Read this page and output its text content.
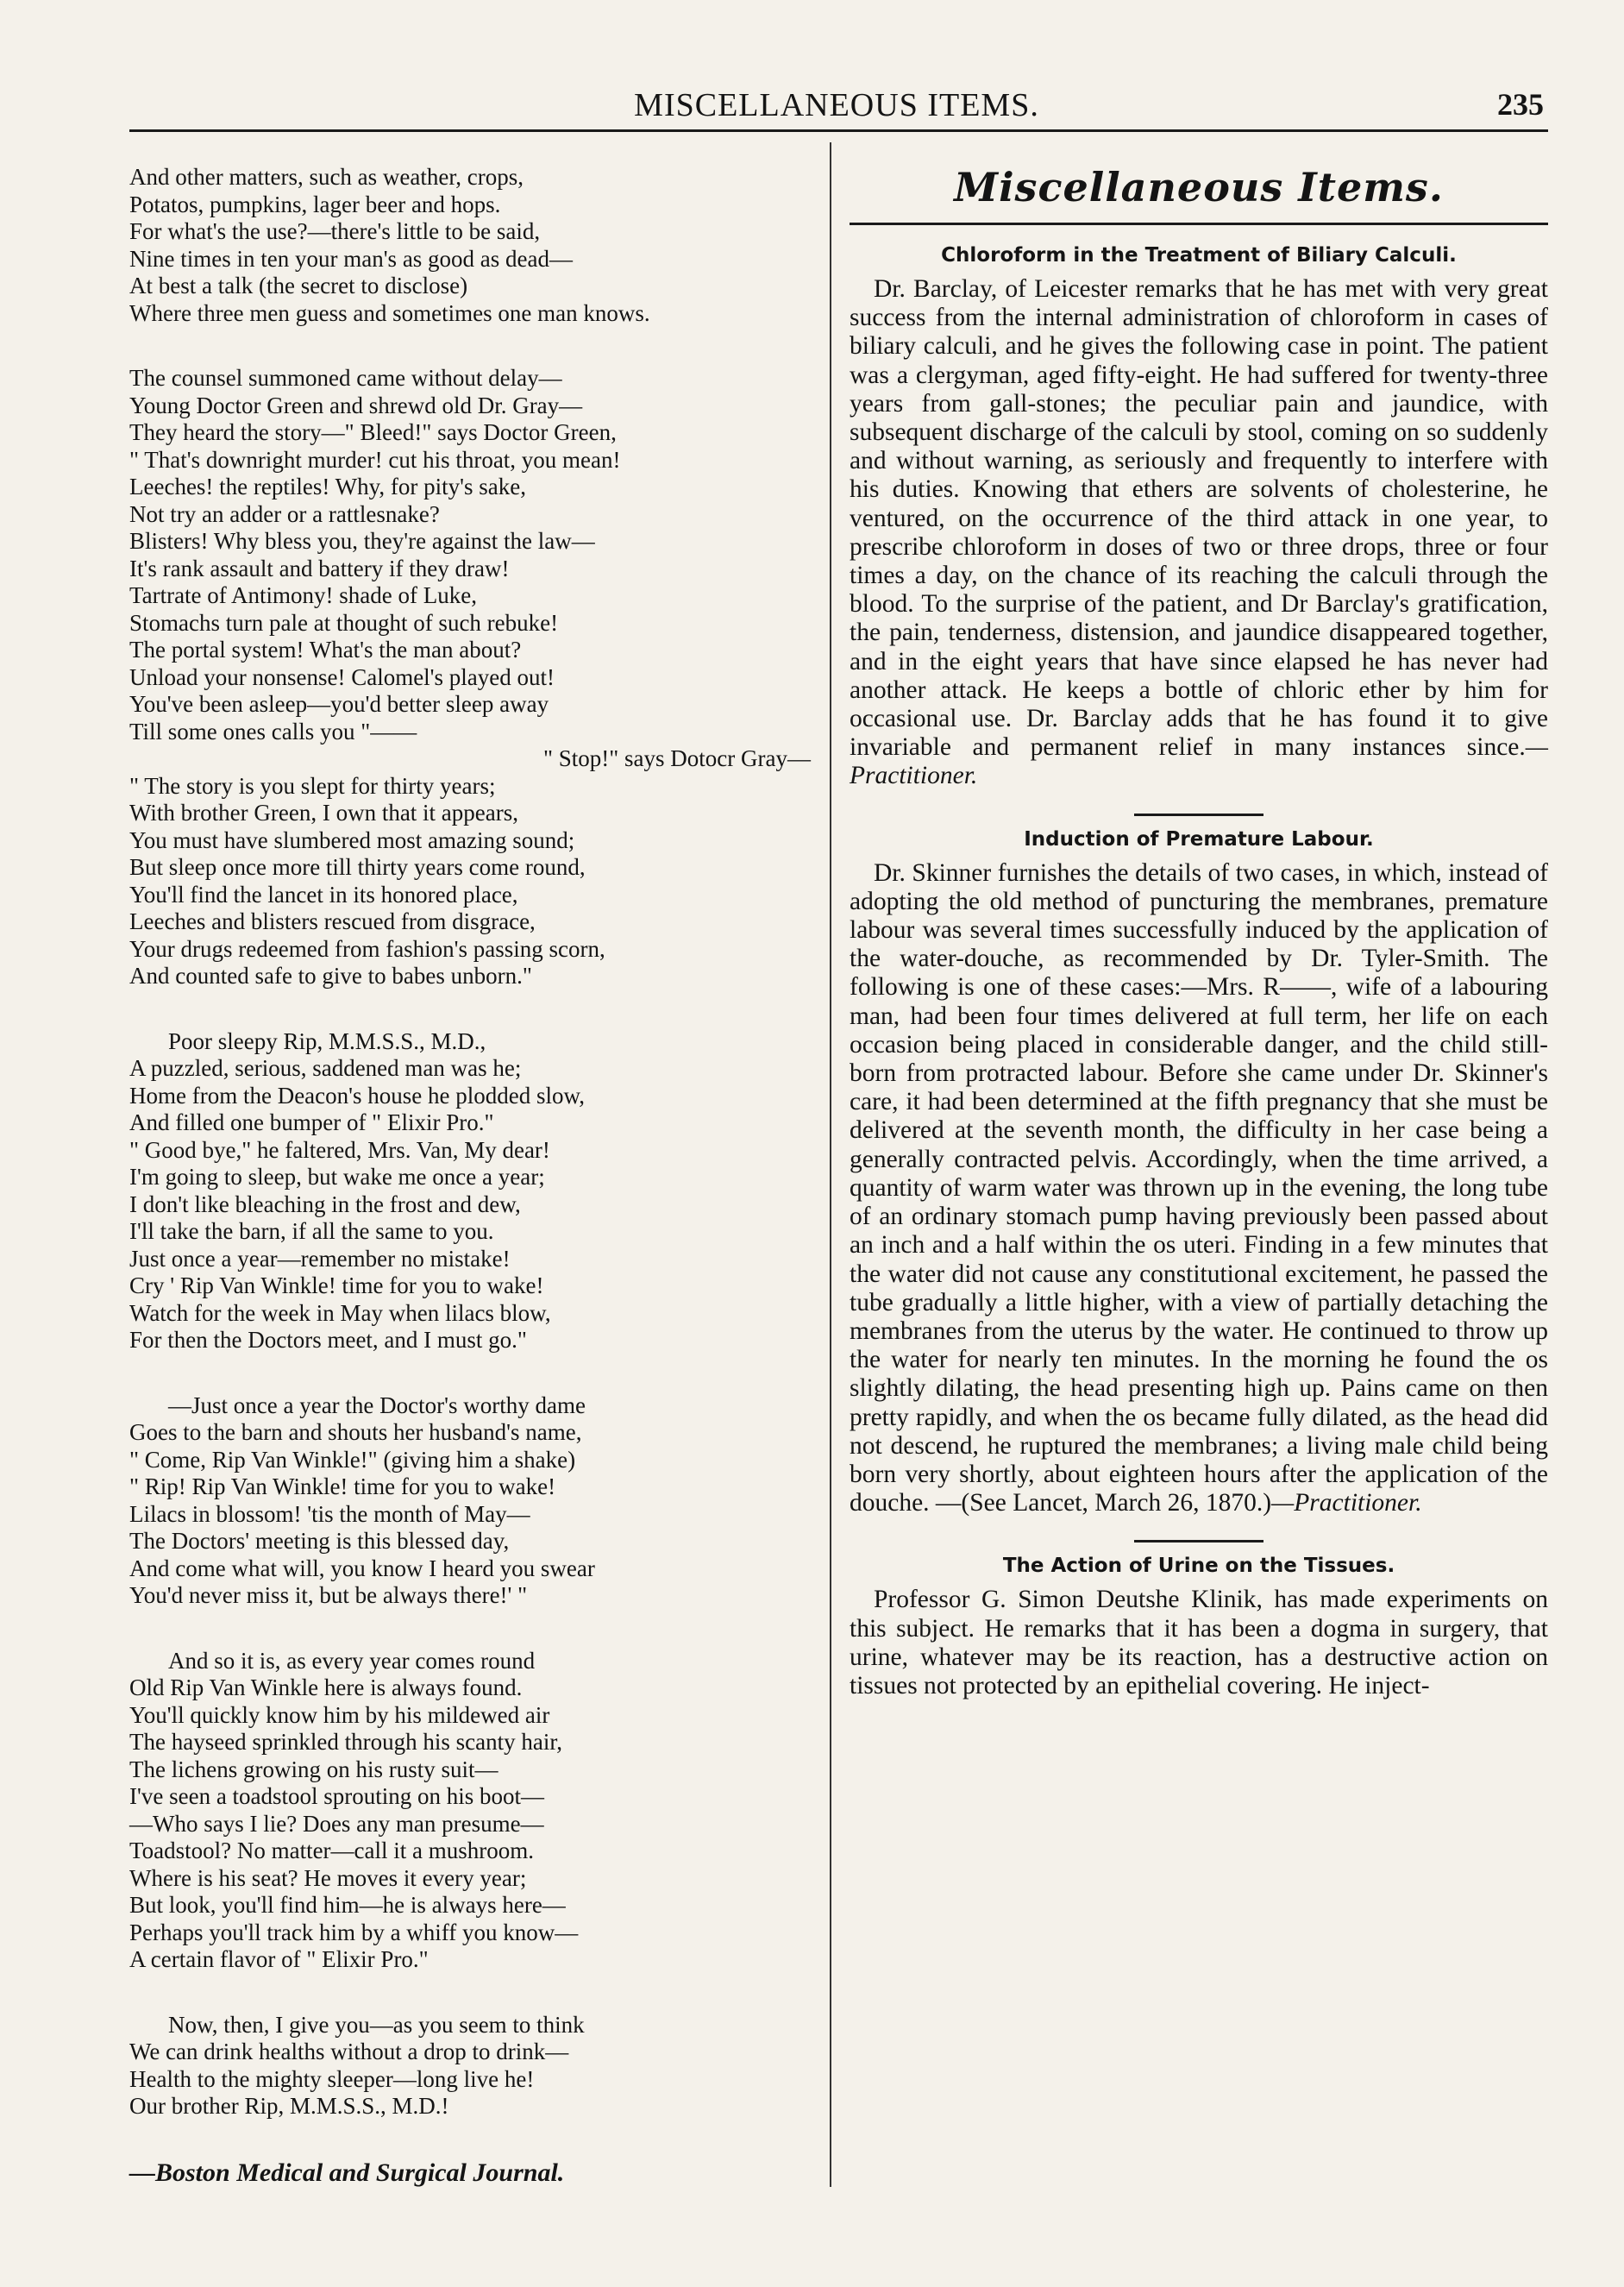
MISCELLANEOUS ITEMS.	235
And other matters, such as weather, crops,
Potatos, pumpkins, lager beer and hops.
For what's the use?—there's little to be said,
Nine times in ten your man's as good as dead—
At best a talk (the secret to disclose)
Where three men guess and sometimes one man knows.
The counsel summoned came without delay—
Young Doctor Green and shrewd old Dr. Gray—
They heard the story—" Bleed!" says Doctor Green,
" That's downright murder! cut his throat, you mean!
Leeches! the reptiles! Why, for pity's sake,
Not try an adder or a rattlesnake?
Blisters! Why bless you, they're against the law—
It's rank assault and battery if they draw!
Tartrate of Antimony! shade of Luke,
Stomachs turn pale at thought of such rebuke!
The portal system! What's the man about?
Unload your nonsense! Calomel's played out!
You've been asleep—you'd better sleep away
Till some ones calls you "——
" Stop!" says Dotocr Gray—
" The story is you slept for thirty years;
With brother Green, I own that it appears,
You must have slumbered most amazing sound;
But sleep once more till thirty years come round,
You'll find the lancet in its honored place,
Leeches and blisters rescued from disgrace,
Your drugs redeemed from fashion's passing scorn,
And counted safe to give to babes unborn."
Poor sleepy Rip, M.M.S.S., M.D.,
A puzzled, serious, saddened man was he;
Home from the Deacon's house he plodded slow,
And filled one bumper of " Elixir Pro."
" Good bye," he faltered, Mrs. Van, My dear!
I'm going to sleep, but wake me once a year;
I don't like bleaching in the frost and dew,
I'll take the barn, if all the same to you.
Just once a year—remember no mistake!
Cry ' Rip Van Winkle! time for you to wake!
Watch for the week in May when lilacs blow,
For then the Doctors meet, and I must go."
—Just once a year the Doctor's worthy dame
Goes to the barn and shouts her husband's name,
" Come, Rip Van Winkle!" (giving him a shake)
" Rip! Rip Van Winkle! time for you to wake!
Lilacs in blossom! 'tis the month of May—
The Doctors' meeting is this blessed day,
And come what will, you know I heard you swear
You'd never miss it, but be always there!' "
And so it is, as every year comes round
Old Rip Van Winkle here is always found.
You'll quickly know him by his mildewed air
The hayseed sprinkled through his scanty hair,
The lichens growing on his rusty suit—
I've seen a toadstool sprouting on his boot—
—Who says I lie? Does any man presume—
Toadstool? No matter—call it a mushroom.
Where is his seat? He moves it every year;
But look, you'll find him—he is always here—
Perhaps you'll track him by a whiff you know—
A certain flavor of " Elixir Pro."
Now, then, I give you—as you seem to think
We can drink healths without a drop to drink—
Health to the mighty sleeper—long live he!
Our brother Rip, M.M.S.S., M.D.!
—Boston Medical and Surgical Journal.
Miscellaneous Items.
Chloroform in the Treatment of Biliary Calculi.

Dr. Barclay, of Leicester remarks that he has met with very great success from the internal administration of chloroform in cases of biliary calculi, and he gives the following case in point. The patient was a clergyman, aged fifty-eight. He had suffered for twenty-three years from gall-stones; the peculiar pain and jaundice, with subsequent discharge of the calculi by stool, coming on so suddenly and without warning, as seriously and frequently to interfere with his duties. Knowing that ethers are solvents of cholesterine, he ventured, on the occurrence of the third attack in one year, to prescribe chloroform in doses of two or three drops, three or four times a day, on the chance of its reaching the calculi through the blood. To the surprise of the patient, and Dr Barclay's gratification, the pain, tenderness, distension, and jaundice disappeared together, and in the eight years that have since elapsed he has never had another attack. He keeps a bottle of chloric ether by him for occasional use. Dr. Barclay adds that he has found it to give invariable and permanent relief in many instances since.—Practitioner.

Induction of Premature Labour.

Dr. Skinner furnishes the details of two cases, in which, instead of adopting the old method of puncturing the membranes, premature labour was several times successfully induced by the application of the water-douche, as recommended by Dr. Tyler-Smith. The following is one of these cases:—Mrs. R——, wife of a labouring man, had been four times delivered at full term, her life on each occasion being placed in considerable danger, and the child still-born from protracted labour. Before she came under Dr. Skinner's care, it had been determined at the fifth pregnancy that she must be delivered at the seventh month, the difficulty in her case being a generally contracted pelvis. Accordingly, when the time arrived, a quantity of warm water was thrown up in the evening, the long tube of an ordinary stomach pump having previously been passed about an inch and a half within the os uteri. Finding in a few minutes that the water did not cause any constitutional excitement, he passed the tube gradually a little higher, with a view of partially detaching the membranes from the uterus by the water. He continued to throw up the water for nearly ten minutes. In the morning he found the os slightly dilating, the head presenting high up. Pains came on then pretty rapidly, and when the os became fully dilated, as the head did not descend, he ruptured the membranes; a living male child being born very shortly, about eighteen hours after the application of the douche. —(See Lancet, March 26, 1870.)—Practitioner.

The Action of Urine on the Tissues.

Professor G. Simon Deutshe Klinik, has made experiments on this subject. He remarks that it has been a dogma in surgery, that urine, whatever may be its reaction, has a destructive action on tissues not protected by an epithelial covering. He inject-
